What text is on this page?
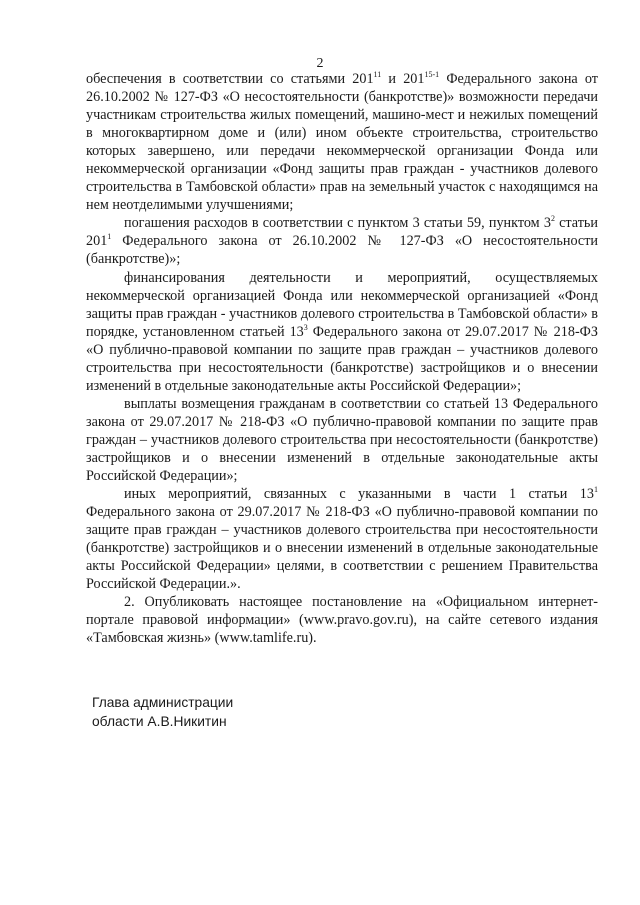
2

обеспечения в соответствии со статьями $201^{11}$ и 201$^{15-1}$ Федерального закона от 26.10.2002 № 127-ФЗ «О несостоятельности (банкротстве)» возможности передачи участникам строительства жилых помещений, машино-мест и нежилых помещений в многоквартирном доме и (или) ином объекте строительства, строительство которых завершено, или передачи некоммерческой организации Фонда или некоммерческой организации «Фонд защиты прав граждан - участников долевого строительства в Тамбовской области» прав на земельный участок с находящимся на нем неотделимыми улучшениями;

погашения расходов в соответствии с пунктом 3 статьи 59, пунктом $3^2$ статьи $201^1$ Федерального закона от 26.10.2002 № 127-ФЗ «О несостоятельности (банкротстве)»;

финансирования деятельности и мероприятий, осуществляемых некоммерческой организацией Фонда или некоммерческой организацией «Фонд защиты прав граждан - участников долевого строительства в Тамбовской области» в порядке, установленном статьей $13^3$ Федерального закона от 29.07.2017 № 218-ФЗ «О публично-правовой компании по защите прав граждан – участников долевого строительства при несостоятельности (банкротстве) застройщиков и о внесении изменений в отдельные законодательные акты Российской Федерации»;

выплаты возмещения гражданам в соответствии со статьей 13 Федерального закона от 29.07.2017 № 218-ФЗ «О публично-правовой компании по защите прав граждан – участников долевого строительства при несостоятельности (банкротстве) застройщиков и о внесении изменений в отдельные законодательные акты Российской Федерации»;

иных мероприятий, связанных с указанными в части 1 статьи $13^1$ Федерального закона от 29.07.2017 № 218-ФЗ «О публично-правовой компании по защите прав граждан – участников долевого строительства при несостоятельности (банкротстве) застройщиков и о внесении изменений в отдельные законодательные акты Российской Федерации» целями, в соответствии с решением Правительства Российской Федерации.».

2. Опубликовать настоящее постановление на «Официальном интернет-портале правовой информации» (www.pravo.gov.ru), на сайте сетевого издания «Тамбовская жизнь» (www.tamlife.ru).

Глава администрации
области А.В.Никитин
